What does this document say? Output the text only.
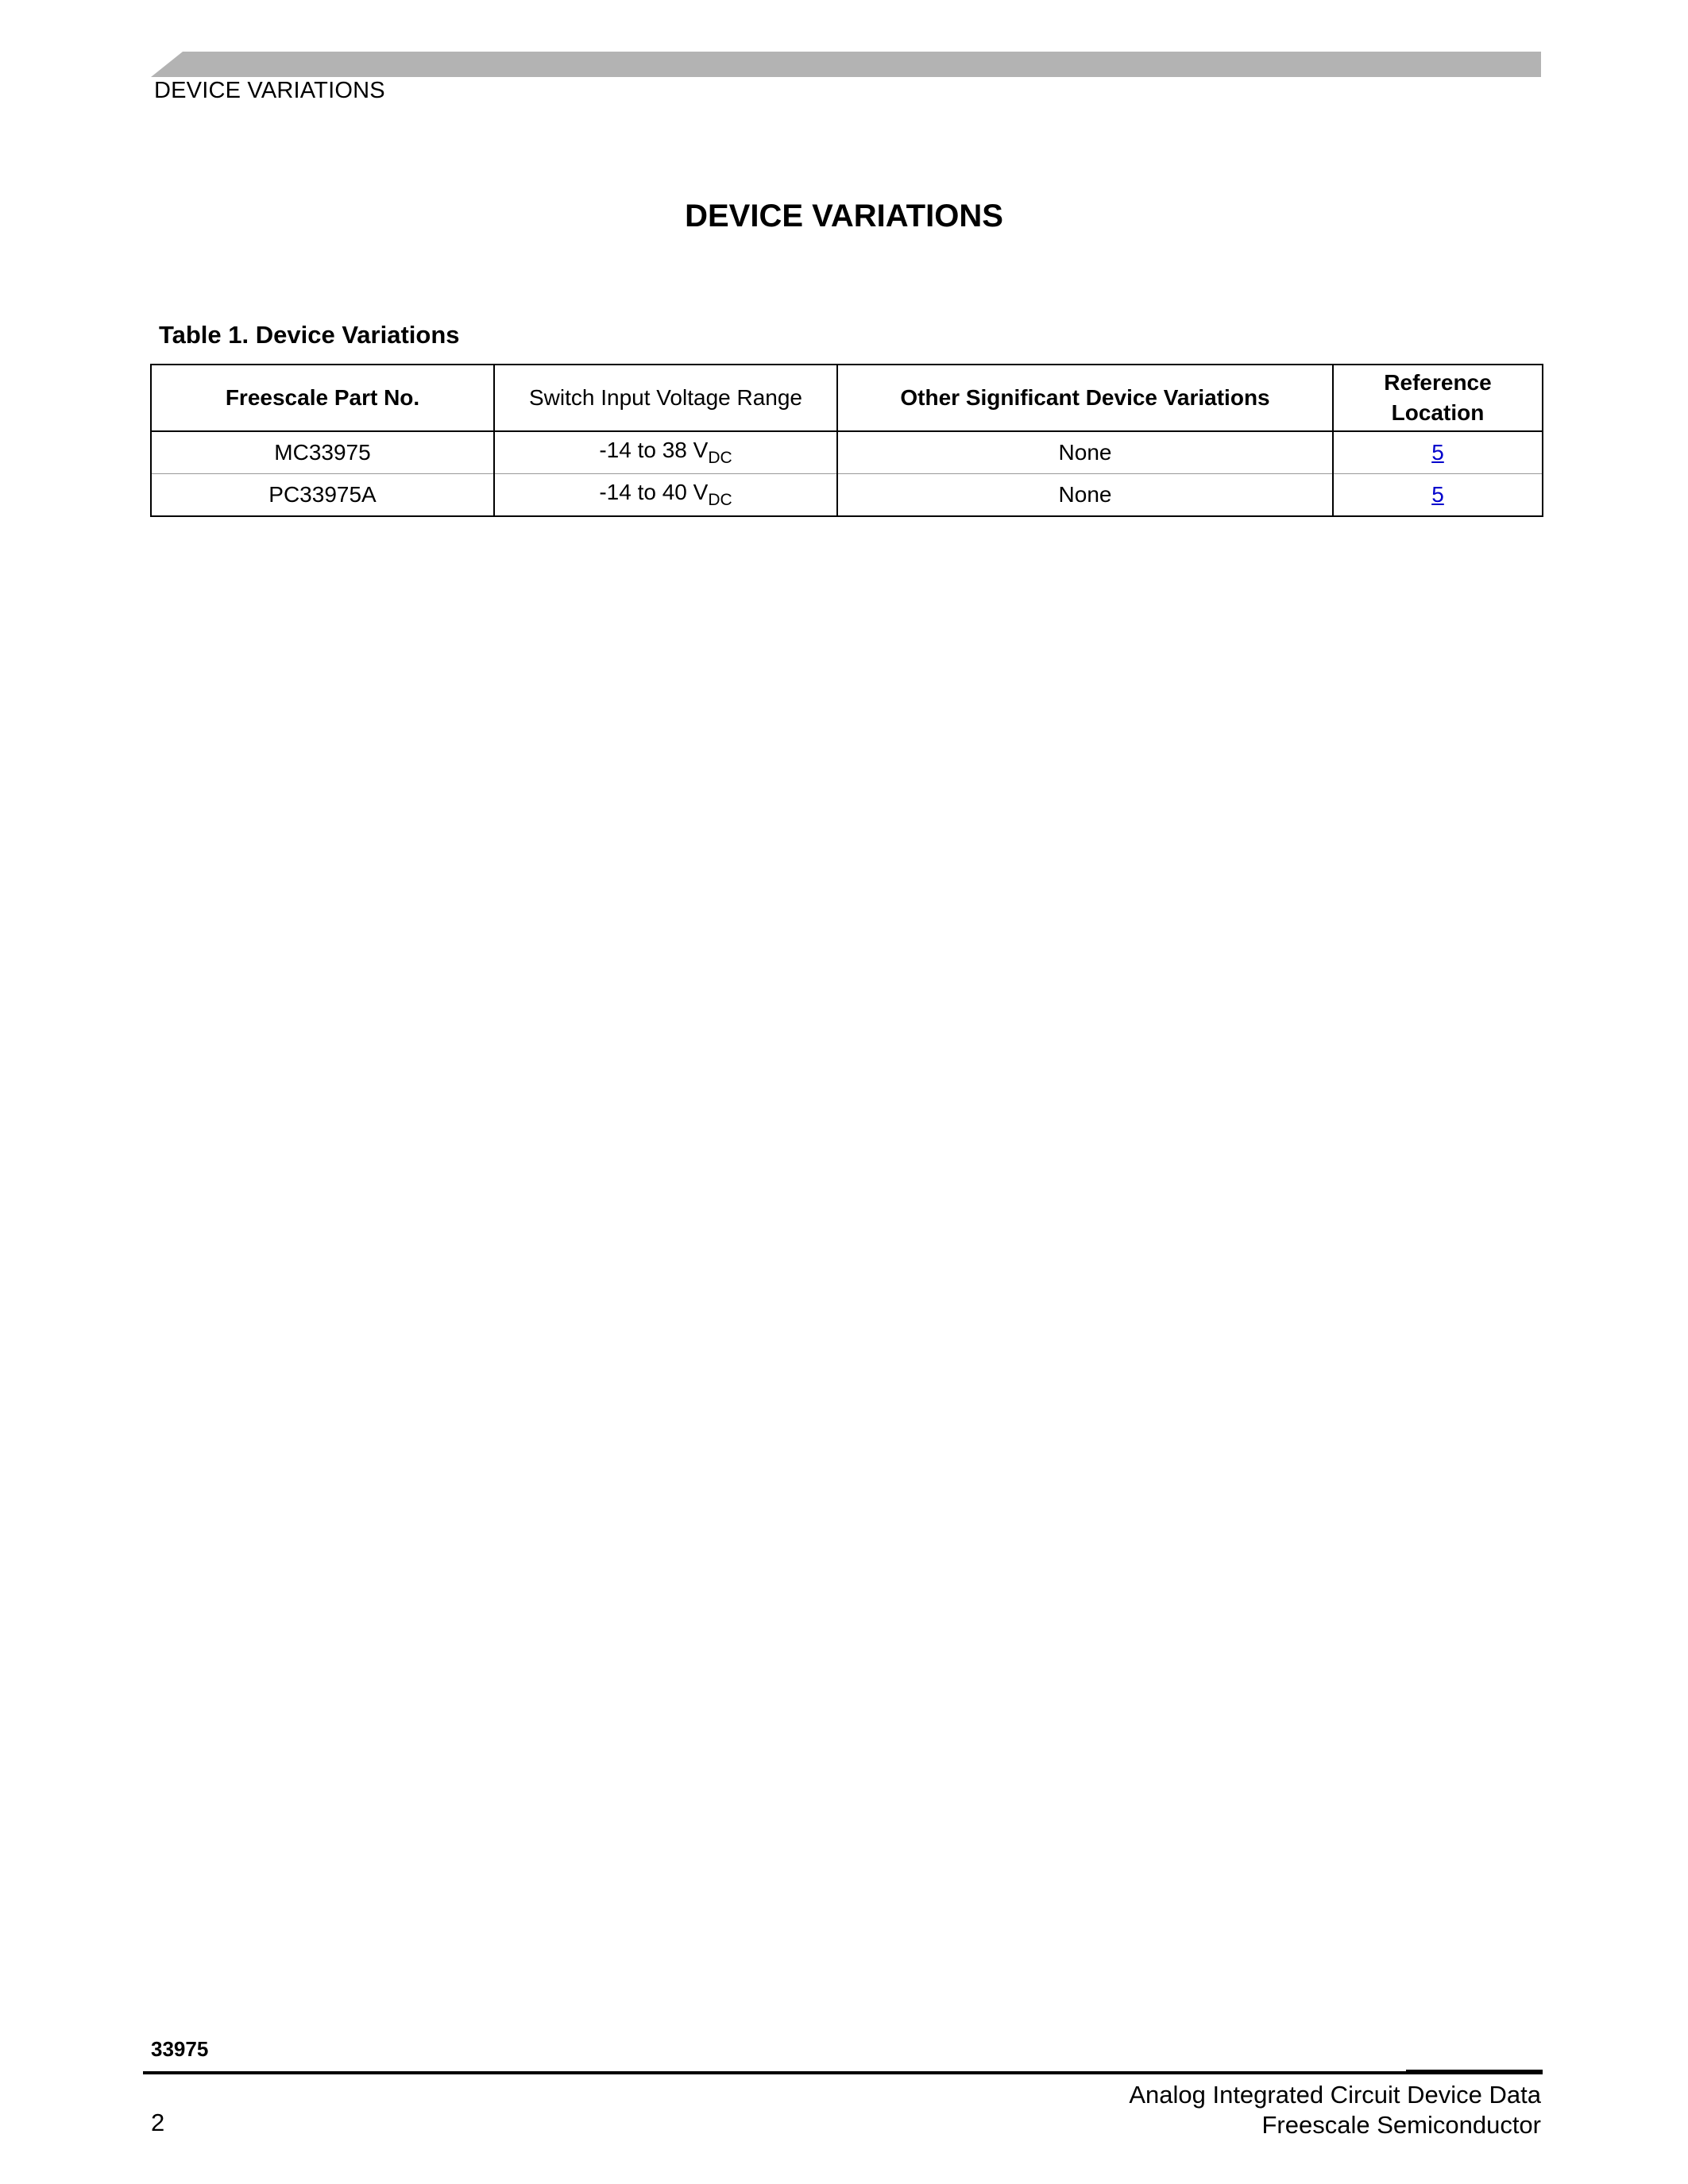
DEVICE VARIATIONS
DEVICE VARIATIONS
Table 1. Device Variations
Freescale Part No.	Switch Input Voltage Range	Other Significant Device Variations	Reference Location
MC33975	-14 to 38 $V_{DC}$	None	5
PC33975A	-14 to 40 $V_{DC}$	None	5
33975
2
Analog Integrated Circuit Device Data
Freescale Semiconductor
